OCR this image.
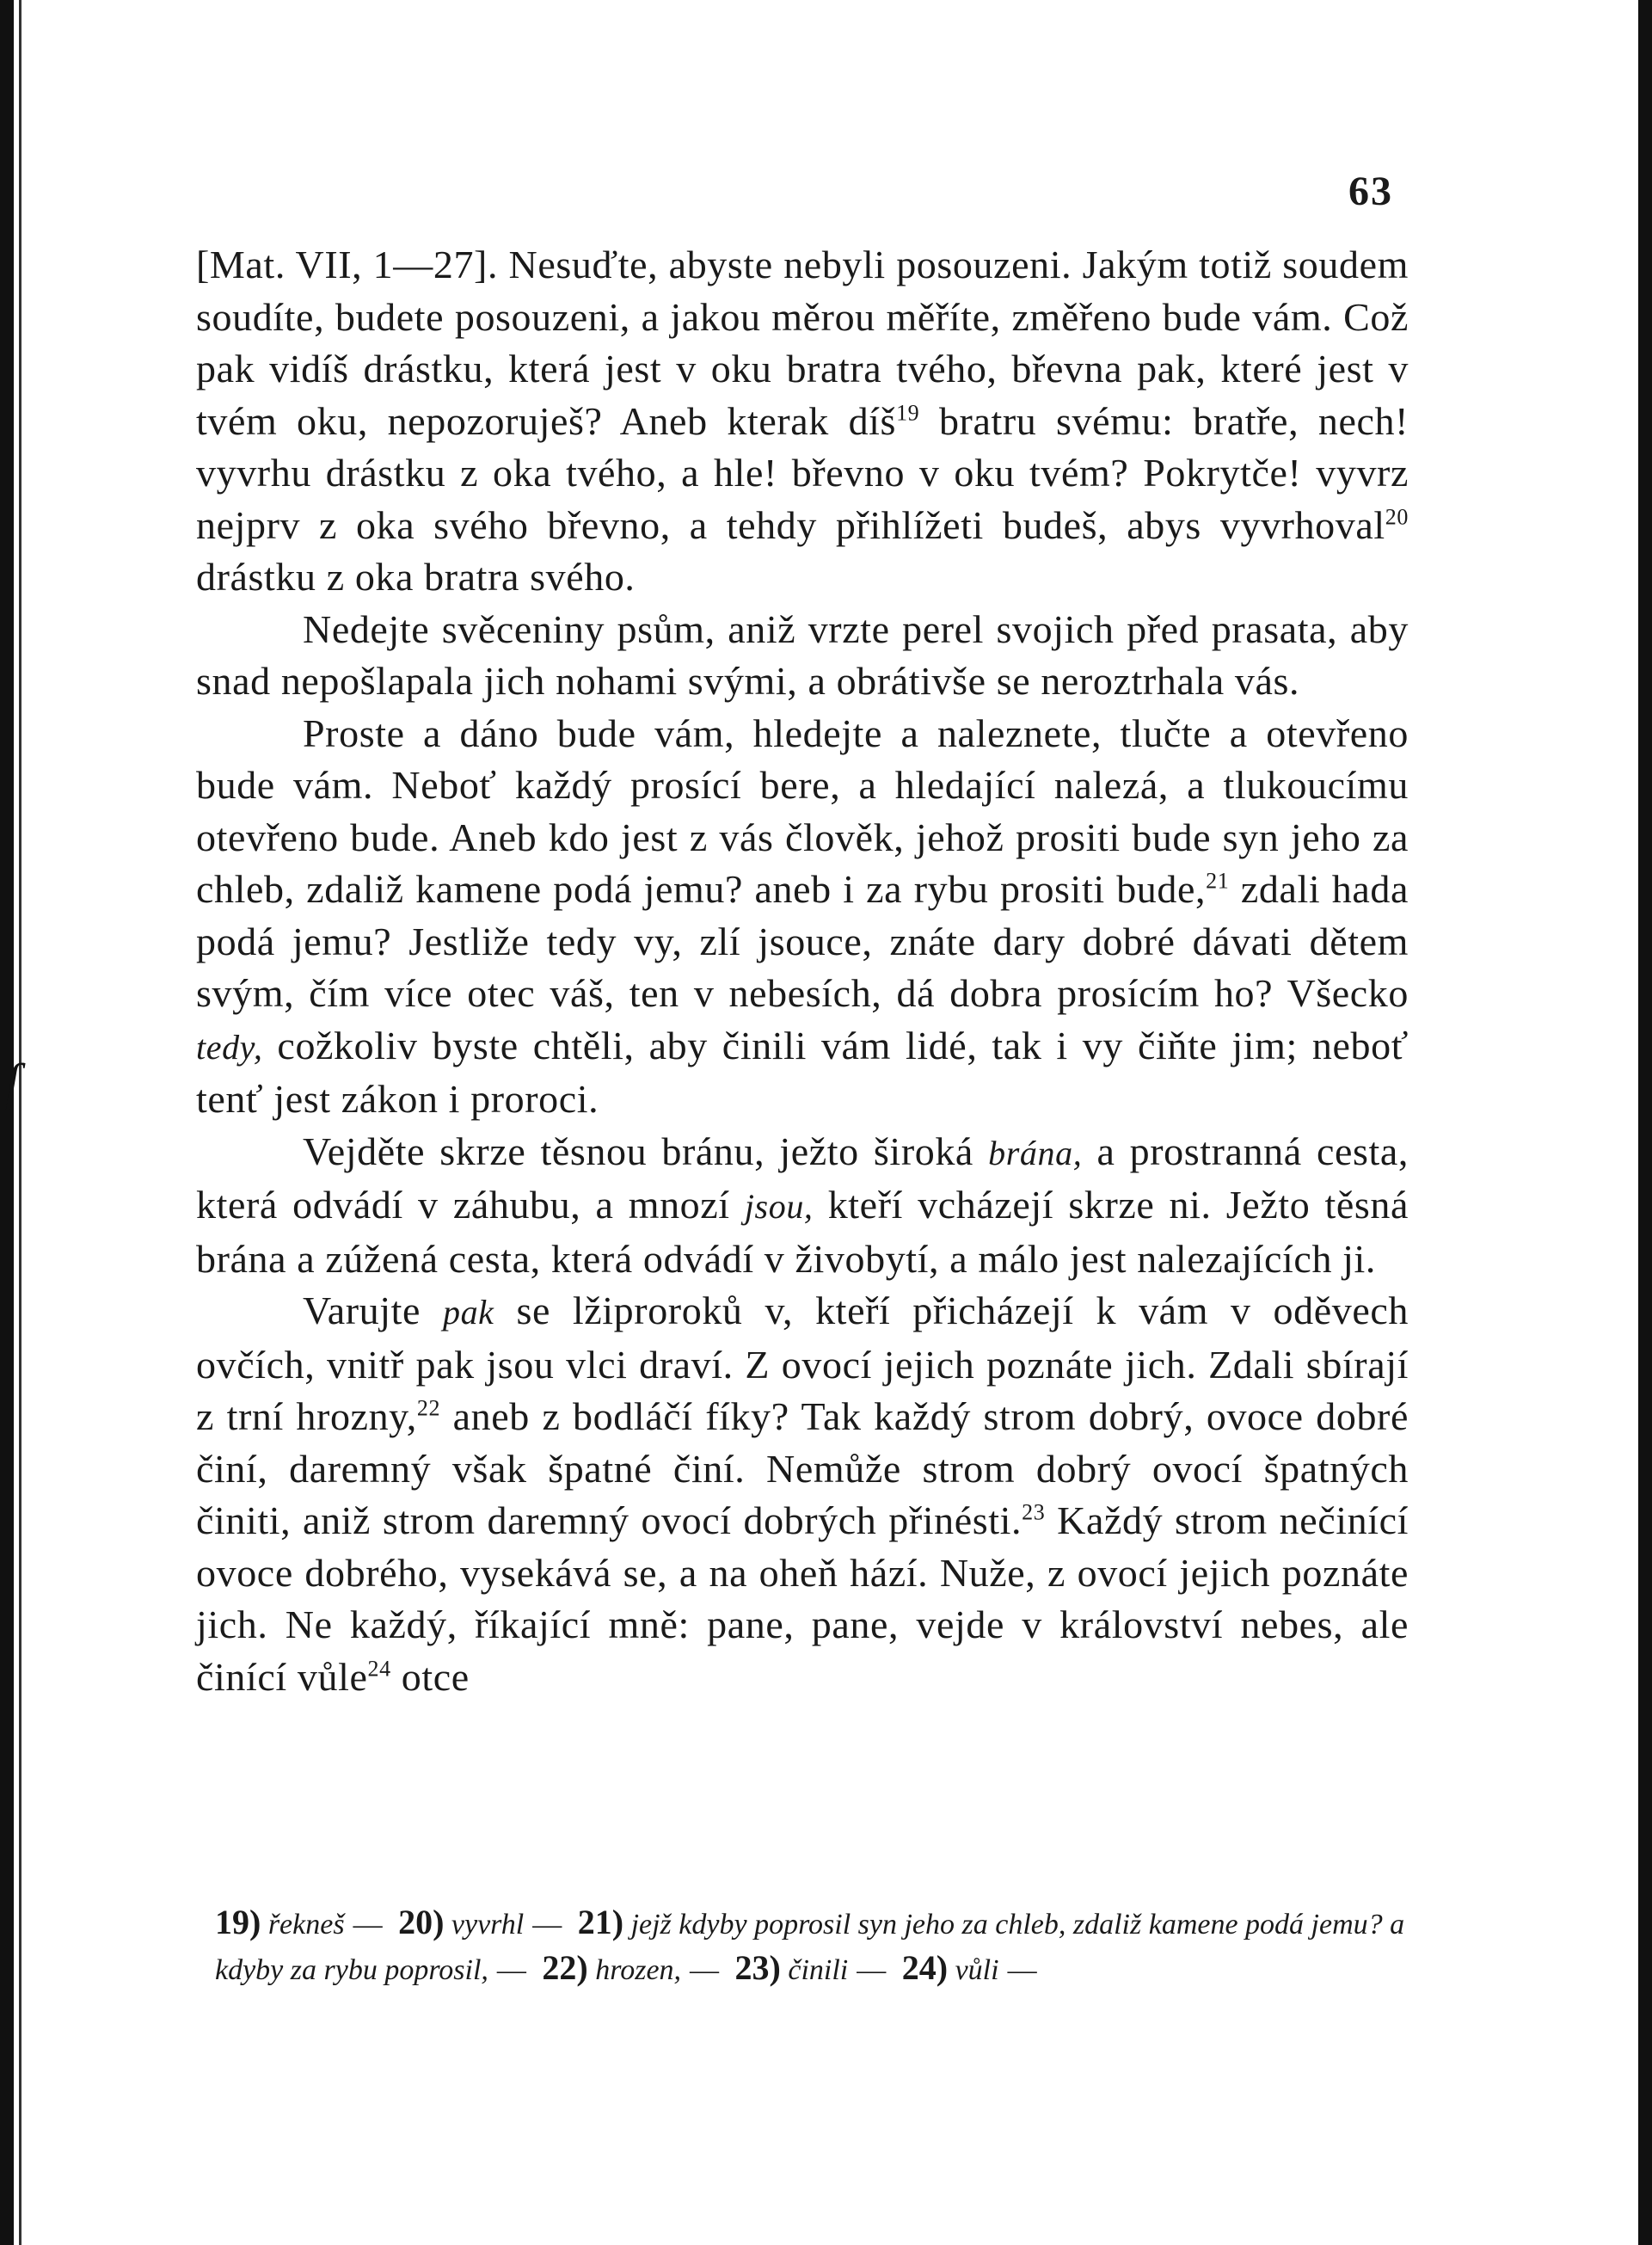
ſ
63

[Mat. VII, 1—27]. Nesuďte, abyste nebyli posouzeni. Jakým totiž soudem soudíte, budete posouzeni, a jakou měrou měříte, změřeno bude vám. Což pak vidíš drástku, která jest v oku bratra tvého, břevna pak, které jest v tvém oku, nepozoruješ? Aneb kterak díš$^{19}$ bratru svému: bratře, nech! vyvrhu drástku z oka tvého, a hle! břevno v oku tvém? Pokrytče! vyvrz nejprv z oka svého břevno, a tehdy přihlížeti budeš, abys vyvrhoval$^{20}$ drástku z oka bratra svého.

Nedejte svěceniny psům, aniž vrzte perel svojich před prasata, aby snad nepošlapala jich nohami svými, a obrátivše se neroztrhala vás.

Proste a dáno bude vám, hledejte a naleznete, tlučte a otevřeno bude vám. Neboť každý prosící bere, a hledající nalezá, a tlukoucímu otevřeno bude. Aneb kdo jest z vás člověk, jehož prositi bude syn jeho za chleb, zdaliž kamene podá jemu? aneb i za rybu prositi bude,$^{21}$ zdali hada podá jemu? Jestliže tedy vy, zlí jsouce, znáte dary dobré dávati dětem svým, čím více otec váš, ten v nebesích, dá dobra prosícím ho? Všecko tedy, cožkoliv byste chtěli, aby činili vám lidé, tak i vy čiňte jim; neboť tenť jest zákon i proroci.

Vejděte skrze těsnou bránu, ježto široká brána, a prostranná cesta, která odvádí v záhubu, a mnozí jsou, kteří vcházejí skrze ni. Ježto těsná brána a zúžená cesta, která odvádí v živobytí, a málo jest nalezajících ji.

Varujte pak se lžiproroků v, kteří přicházejí k vám v oděvech ovčích, vnitř pak jsou vlci draví. Z ovocí jejich poznáte jich. Zdali sbírají z trní hrozny,$^{22}$ aneb z bodláčí fíky? Tak každý strom dobrý, ovoce dobré činí, daremný však špatné činí. Nemůže strom dobrý ovocí špatných činiti, aniž strom daremný ovocí dobrých přinésti.$^{23}$ Každý strom nečinící ovoce dobrého, vysekává se, a na oheň hází. Nuže, z ovocí jejich poznáte jich. Ne každý, říkající mně: pane, pane, vejde v království nebes, ale činící vůle$^{24}$ otce

19) řekneš — 20) vyvrhl — 21) jejž kdyby poprosil syn jeho za chleb, zdaliž kamene podá jemu? a kdyby za rybu poprosil, — 22) hrozen, — 23) činili — 24) vůli —
